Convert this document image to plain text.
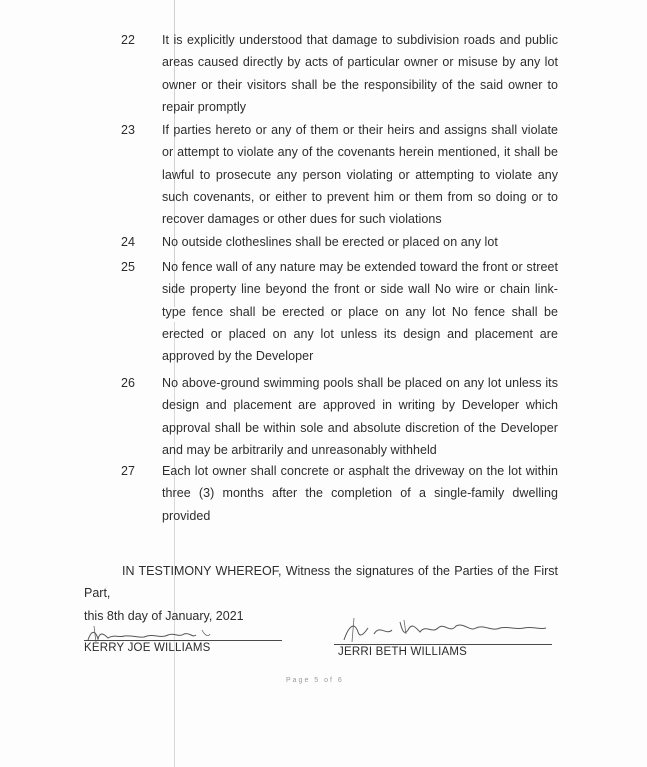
22	It is explicitly understood that damage to subdivision roads and public areas caused directly by acts of particular owner or misuse by any lot owner or their visitors shall be the responsibility of the said owner to repair promptly
23	If parties hereto or any of them or their heirs and assigns shall violate or attempt to violate any of the covenants herein mentioned, it shall be lawful to prosecute any person violating or attempting to violate any such covenants, or either to prevent him or them from so doing or to recover damages or other dues for such violations
24	No outside clotheslines shall be erected or placed on any lot
25	No fence wall of any nature may be extended toward the front or street side property line beyond the front or side wall No wire or chain link-type fence shall be erected or place on any lot No fence shall be erected or placed on any lot unless its design and placement are approved by the Developer
26	No above-ground swimming pools shall be placed on any lot unless its design and placement are approved in writing by Developer which approval shall be within sole and absolute discretion of the Developer and may be arbitrarily and unreasonably withheld
27	Each lot owner shall concrete or asphalt the driveway on the lot within three (3) months after the completion of a single-family dwelling provided
IN TESTIMONY WHEREOF, Witness the signatures of the Parties of the First Part,
this 8th day of January, 2021
KERRY JOE WILLIAMS	JERRI BETH WILLIAMS
Page 5 of 6
